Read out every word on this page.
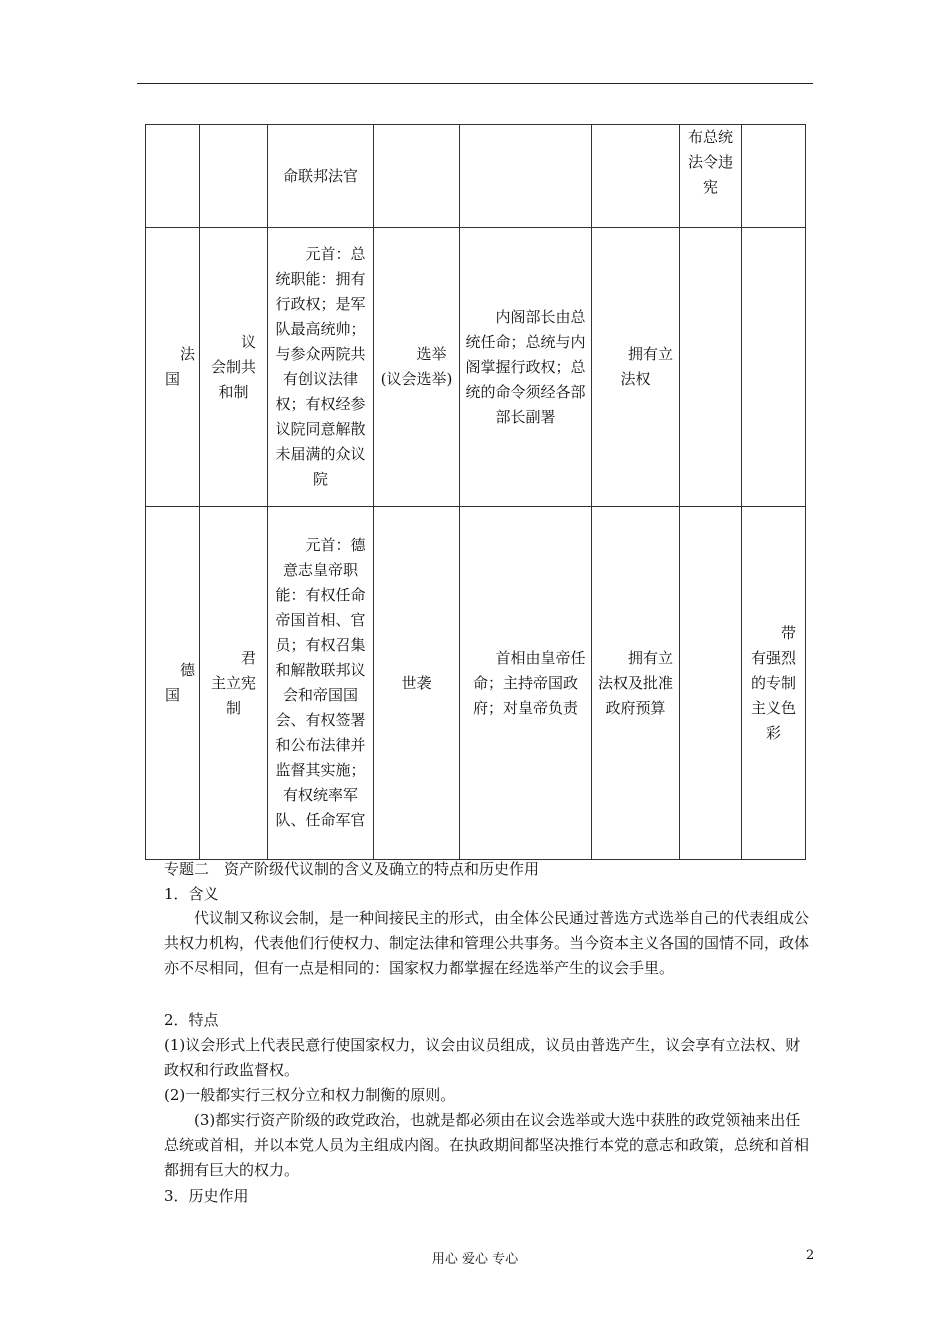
		命联邦法官				布总统法令违宪	

法国	议会制共和制	元首：总统职能：拥有行政权；是军队最高统帅；与参众两院共有创议法律权；有权经参议院同意解散未届满的众议院	选举(议会选举)	内阁部长由总统任命；总统与内阁掌握行政权；总统的命令须经各部部长副署	拥有立法权		

德国	君主立宪制	元首：德意志皇帝职能：有权任命帝国首相、官员；有权召集和解散联邦议会和帝国国会、有权签署和公布法律并监督其实施；有权统率军队、任命军官	世袭	首相由皇帝任命；主持帝国政府；对皇帝负责	拥有立法权及批准政府预算		带有强烈 的专制主义色彩
专题二　资产阶级代议制的含义及确立的特点和历史作用
1．含义
代议制又称议会制，是一种间接民主的形式，由全体公民通过普选方式选举自己的代表组成公共权力机构，代表他们行使权力、制定法律和管理公共事务。当今资本主义各国的国情不同，政体亦不尽相同，但有一点是相同的：国家权力都掌握在经选举产生的议会手里。
2．特点
(1)议会形式上代表民意行使国家权力，议会由议员组成，议员由普选产生，议会享有立法权、财政权和行政监督权。
(2)一般都实行三权分立和权力制衡的原则。
(3)都实行资产阶级的政党政治，也就是都必须由在议会选举或大选中获胜的政党领袖来出任总统或首相，并以本党人员为主组成内阁。在执政期间都坚决推行本党的意志和政策，总统和首相都拥有巨大的权力。
3．历史作用
用心 爱心 专心	2
